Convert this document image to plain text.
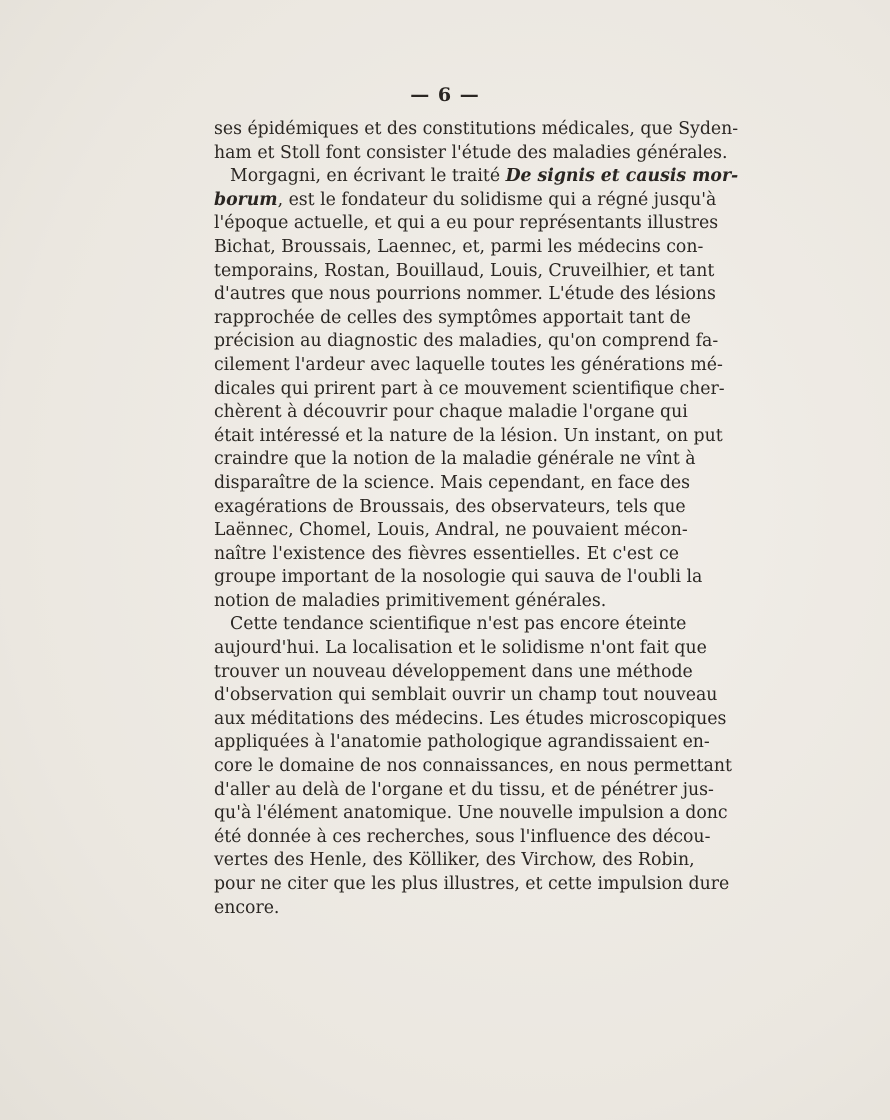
— 6 —
ses épidémiques et des constitutions médicales, que Syden-
ham et Stoll font consister l'étude des maladies générales.
Morgagni, en écrivant le traité De signis et causis mor-
borum, est le fondateur du solidisme qui a régné jusqu'à
l'époque actuelle, et qui a eu pour représentants illustres
Bichat, Broussais, Laennec, et, parmi les médecins con-
temporains, Rostan, Bouillaud, Louis, Cruveilhier, et tant
d'autres que nous pourrions nommer. L'étude des lésions
rapprochée de celles des symptômes apportait tant de
précision au diagnostic des maladies, qu'on comprend fa-
cilement l'ardeur avec laquelle toutes les générations mé-
dicales qui prirent part à ce mouvement scientifique cher-
chèrent à découvrir pour chaque maladie l'organe qui
était intéressé et la nature de la lésion. Un instant, on put
craindre que la notion de la maladie générale ne vînt à
disparaître de la science. Mais cependant, en face des
exagérations de Broussais, des observateurs, tels que
Laënnec, Chomel, Louis, Andral, ne pouvaient mécon-
naître l'existence des fièvres essentielles. Et c'est ce
groupe important de la nosologie qui sauva de l'oubli la
notion de maladies primitivement générales.
Cette tendance scientifique n'est pas encore éteinte
aujourd'hui. La localisation et le solidisme n'ont fait que
trouver un nouveau développement dans une méthode
d'observation qui semblait ouvrir un champ tout nouveau
aux méditations des médecins. Les études microscopiques
appliquées à l'anatomie pathologique agrandissaient en-
core le domaine de nos connaissances, en nous permettant
d'aller au delà de l'organe et du tissu, et de pénétrer jus-
qu'à l'élément anatomique. Une nouvelle impulsion a donc
été donnée à ces recherches, sous l'influence des décou-
vertes des Henle, des Kölliker, des Virchow, des Robin,
pour ne citer que les plus illustres, et cette impulsion dure
encore.
